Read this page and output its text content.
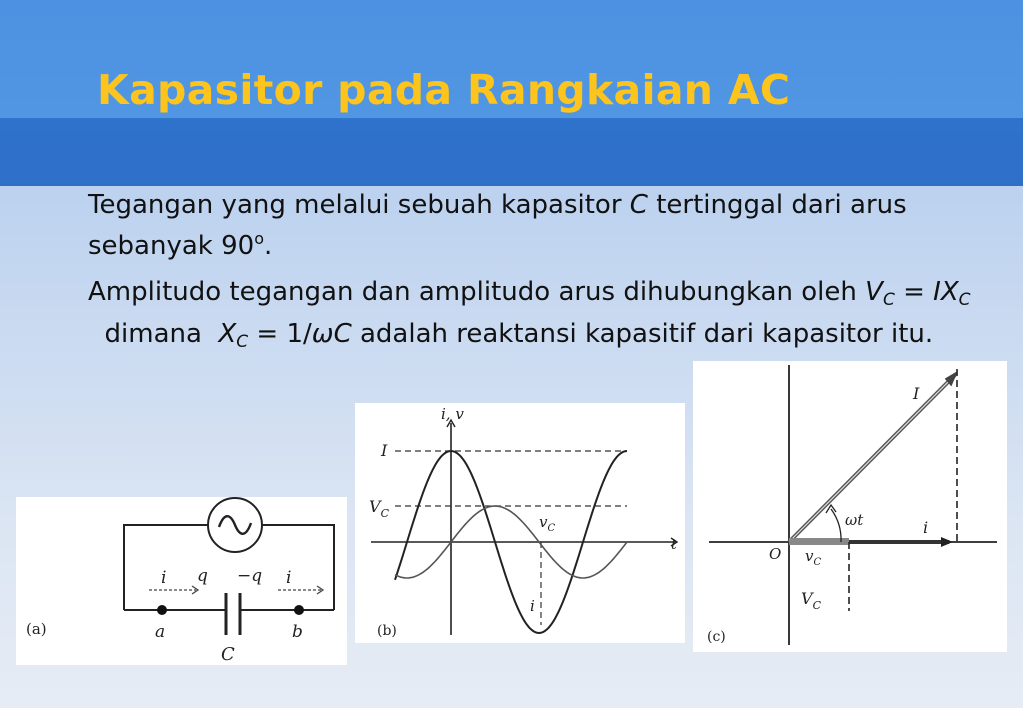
Kapasitor pada Rangkaian AC

Tegangan yang melalui sebuah kapasitor C tertinggal dari arus sebanyak 90$^o$.

Amplitudo tegangan dan amplitudo arus dihubungkan oleh $V_C = IX_C$  dimana  $X_C = 1/\omega C$ adalah reaktansi kapasitif dari kapasitor itu.

(a)
i q −q i
a	b
C
(b)
i, v
t
I
$V_C$	$v_C$
i
(c)
I
ωt	i
O $v_C$
$V_C$
